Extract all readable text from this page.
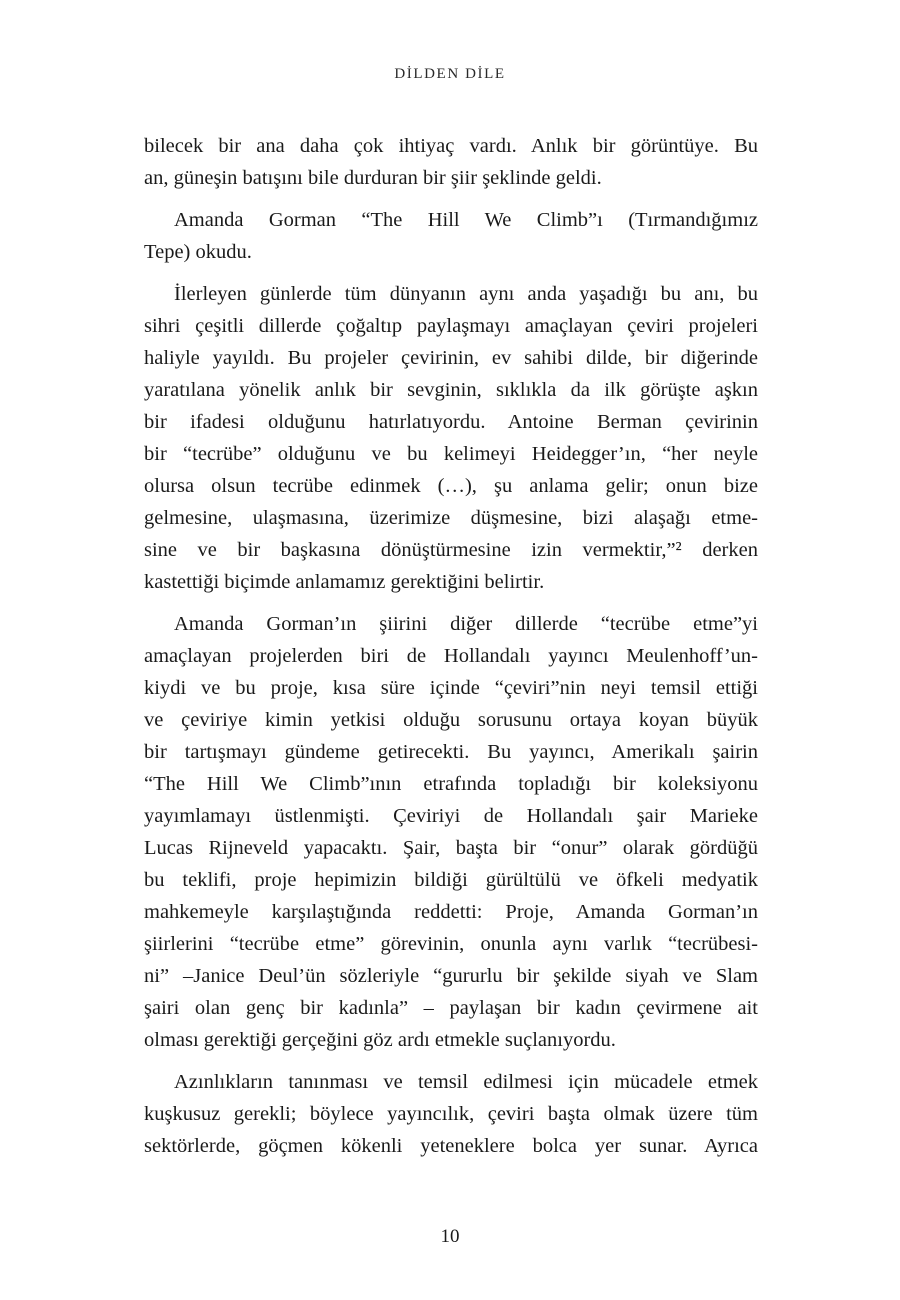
DİLDEN DİLE
bilecek bir ana daha çok ihtiyaç vardı. Anlık bir görüntüye. Bu
an, güneşin batışını bile durduran bir şiir şeklinde geldi.
Amanda Gorman “The Hill We Climb”ı (Tırmandığımız
Tepe) okudu.
İlerleyen günlerde tüm dünyanın aynı anda yaşadığı bu anı, bu
sihri çeşitli dillerde çoğaltıp paylaşmayı amaçlayan çeviri projeleri
haliyle yayıldı. Bu projeler çevirinin, ev sahibi dilde, bir diğerinde
yaratılana yönelik anlık bir sevginin, sıklıkla da ilk görüşte aşkın
bir ifadesi olduğunu hatırlatıyordu. Antoine Berman çevirinin
bir “tecrübe” olduğunu ve bu kelimeyi Heidegger’ın, “her neyle
olursa olsun tecrübe edinmek (…), şu anlama gelir; onun bize
gelmesine, ulaşmasına, üzerimize düşmesine, bizi alaşağı etme-
sine ve bir başkasına dönüştürmesine izin vermektir,”² derken
kastettiği biçimde anlamamız gerektiğini belirtir.
Amanda Gorman’ın şiirini diğer dillerde “tecrübe etme”yi
amaçlayan projelerden biri de Hollandalı yayıncı Meulenhoff’un-
kiydi ve bu proje, kısa süre içinde “çeviri”nin neyi temsil ettiği
ve çeviriye kimin yetkisi olduğu sorusunu ortaya koyan büyük
bir tartışmayı gündeme getirecekti. Bu yayıncı, Amerikalı şairin
“The Hill We Climb”ının etrafında topladığı bir koleksiyonu
yayımlamayı üstlenmişti. Çeviriyi de Hollandalı şair Marieke
Lucas Rijneveld yapacaktı. Şair, başta bir “onur” olarak gördüğü
bu teklifi, proje hepimizin bildiği gürültülü ve öfkeli medyatik
mahkemeyle karşılaştığında reddetti: Proje, Amanda Gorman’ın
şiirlerini “tecrübe etme” görevinin, onunla aynı varlık “tecrübesi-
ni” –Janice Deul’ün sözleriyle “gururlu bir şekilde siyah ve Slam
şairi olan genç bir kadınla” – paylaşan bir kadın çevirmene ait
olması gerektiği gerçeğini göz ardı etmekle suçlanıyordu.
Azınlıkların tanınması ve temsil edilmesi için mücadele etmek
kuşkusuz gerekli; böylece yayıncılık, çeviri başta olmak üzere tüm
sektörlerde, göçmen kökenli yeteneklere bolca yer sunar. Ayrıca
10
